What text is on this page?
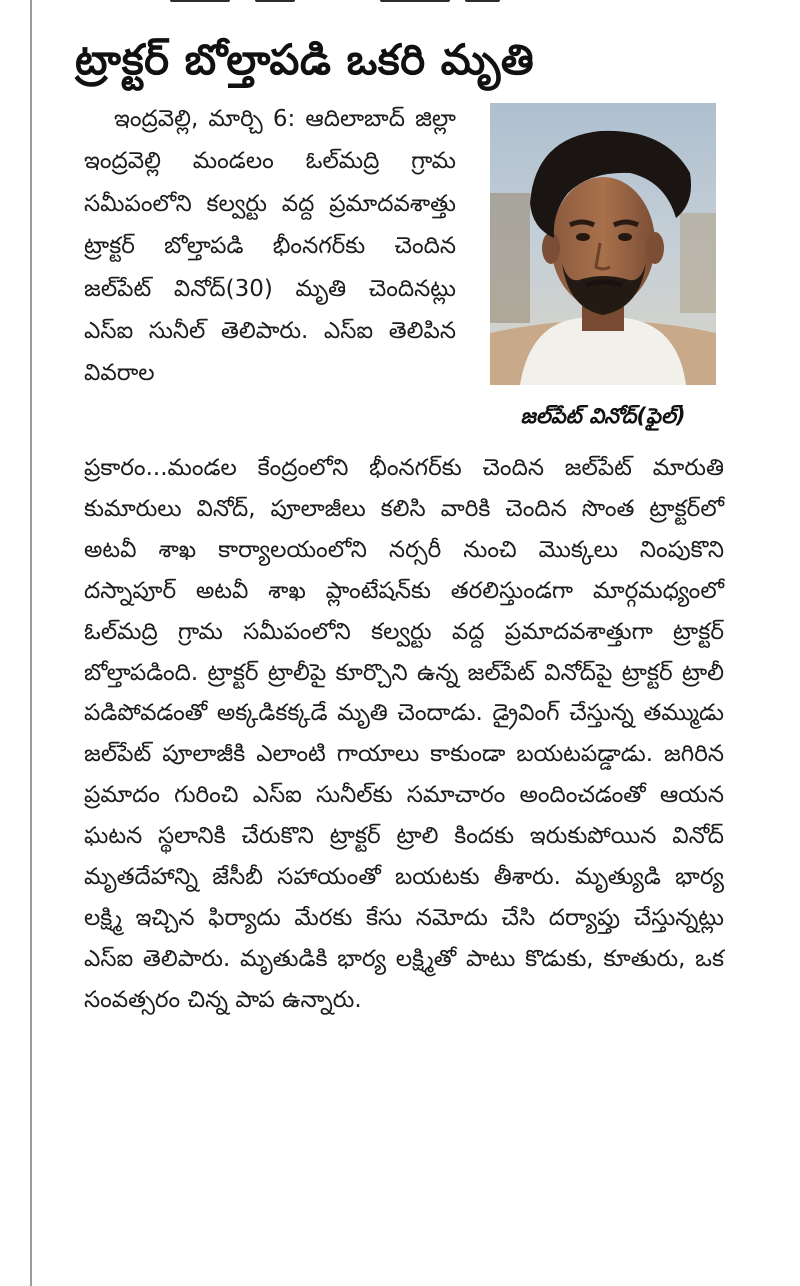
ట్రాక్టర్ బోల్తాపడి ఒకరి మృతి
జల్‌పేట్ వినోద్(ఫైల్)

ఇంద్రవెల్లి, మార్చి 6: ఆదిలాబాద్ జిల్లా ఇంద్రవెల్లి మండలం ఓల్‌మద్రి గ్రామ సమీపంలోని కల్వర్టు వద్ద ప్రమాదవశాత్తు ట్రాక్టర్ బోల్తాపడి భీంనగర్‌కు చెందిన జల్‌పేట్ వినోద్(30) మృతి చెందినట్లు ఎస్ఐ సునీల్ తెలిపారు. ఎస్ఐ తెలిపిన వివరాల

ప్రకారం...మండల కేంద్రంలోని భీంనగర్‌కు చెందిన జల్‌పేట్ మారుతి కుమారులు వినోద్, పూలాజీలు కలిసి వారికి చెందిన సొంత ట్రాక్టర్‌లో అటవీ శాఖ కార్యాలయంలోని నర్సరీ నుంచి మొక్కలు నింపుకొని దస్నాపూర్ అటవీ శాఖ ప్లాంటేషన్‌కు తరలిస్తుండగా మార్గమధ్యంలో ఓల్‌మద్రి గ్రామ సమీపంలోని కల్వర్టు వద్ద ప్రమాదవశాత్తుగా ట్రాక్టర్ బోల్తాపడింది. ట్రాక్టర్ ట్రాలీపై కూర్చొని ఉన్న జల్‌పేట్ వినోద్‌పై ట్రాక్టర్ ట్రాలీ పడిపోవడంతో అక్కడికక్కడే మృతి చెందాడు. డ్రైవింగ్ చేస్తున్న తమ్ముడు జల్‌పేట్ పూలాజీకి ఎలాంటి గాయాలు కాకుండా బయటపడ్డాడు. జగిరిన ప్రమాదం గురించి ఎస్ఐ సునీల్‌కు సమాచారం అందించడంతో ఆయన ఘటన స్థలానికి చేరుకొని ట్రాక్టర్ ట్రాలి కిందకు ఇరుకుపోయిన వినోద్ మృతదేహాన్ని జేసీబీ సహాయంతో బయటకు తీశారు. మృత్యుడి భార్య లక్ష్మి ఇచ్చిన ఫిర్యాదు మేరకు కేసు నమోదు చేసి దర్యాప్తు చేస్తున్నట్లు ఎస్ఐ తెలిపారు. మృతుడికి భార్య లక్ష్మితో పాటు కొడుకు, కూతురు, ఒక సంవత్సరం చిన్న పాప ఉన్నారు.
